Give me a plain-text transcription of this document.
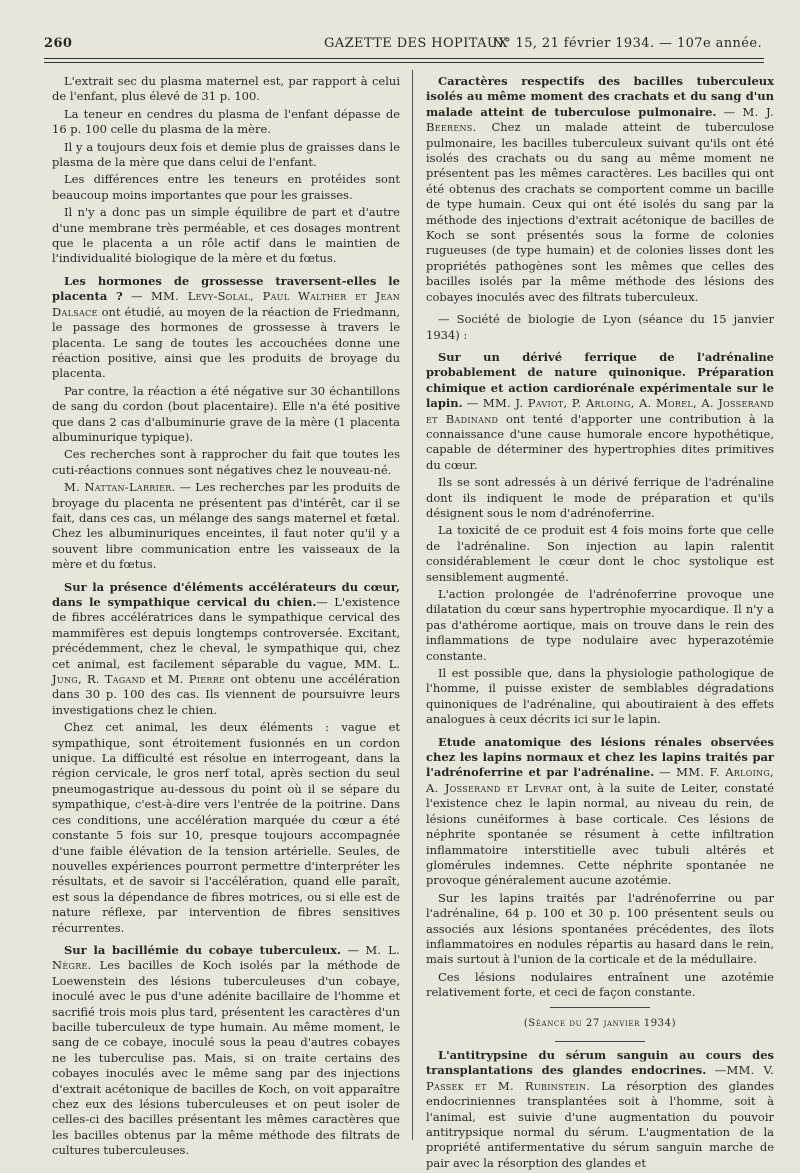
260	GAZETTE DES HOPITAUX
N° 15, 21 février 1934. — 107e année.

L'extrait sec du plasma maternel est, par rapport à celui de l'enfant, plus élevé de 31 p. 100.

La teneur en cendres du plasma de l'enfant dépasse de 16 p. 100 celle du plasma de la mère.

Il y a toujours deux fois et demie plus de graisses dans le plasma de la mère que dans celui de l'enfant.

Les différences entre les teneurs en protéides sont beaucoup moins importantes que pour les graisses.

Il n'y a donc pas un simple équilibre de part et d'autre d'une membrane très perméable, et ces dosages montrent que le placenta a un rôle actif dans le maintien de l'individualité biologique de la mère et du fœtus.

Les hormones de grossesse traversent-elles le placenta ? — MM. Levy-Solal, Paul Walther et Jean Dalsace ont étudié, au moyen de la réaction de Friedmann, le passage des hormones de grossesse à travers le placenta. Le sang de toutes les accouchées donne une réaction positive, ainsi que les produits de broyage du placenta.

Par contre, la réaction a été négative sur 30 échantillons de sang du cordon (bout placentaire). Elle n'a été positive que dans 2 cas d'albuminurie grave de la mère (1 placenta albuminurique typique).

Ces recherches sont à rapprocher du fait que toutes les cuti-réactions connues sont négatives chez le nouveau-né.

M. Nattan-Larrier. — Les recherches par les produits de broyage du placenta ne présentent pas d'intérêt, car il se fait, dans ces cas, un mélange des sangs maternel et fœtal. Chez les albuminuriques enceintes, il faut noter qu'il y a souvent libre communication entre les vaisseaux de la mère et du fœtus.

Sur la présence d'éléments accélérateurs du cœur, dans le sympathique cervical du chien.— L'existence de fibres accélératrices dans le sympathique cervical des mammifères est depuis longtemps controversée. Excitant, précédemment, chez le cheval, le sympathique qui, chez cet animal, est facilement séparable du vague, MM. L. Jung, R. Tagand et M. Pierre ont obtenu une accélération dans 30 p. 100 des cas. Ils viennent de poursuivre leurs investigations chez le chien.

Chez cet animal, les deux éléments : vague et sympathique, sont étroitement fusionnés en un cordon unique. La difficulté est résolue en interrogeant, dans la région cervicale, le gros nerf total, après section du seul pneumogastrique au-dessous du point où il se sépare du sympathique, c'est-à-dire vers l'entrée de la poitrine. Dans ces conditions, une accélération marquée du cœur a été constante 5 fois sur 10, presque toujours accompagnée d'une faible élévation de la tension artérielle. Seules, de nouvelles expériences pourront permettre d'interpréter les résultats, et de savoir si l'accélération, quand elle paraît, est sous la dépendance de fibres motrices, ou si elle est de nature réflexe, par intervention de fibres sensitives récurrentes.

Sur la bacillémie du cobaye tuberculeux. — M. L. Nègre. Les bacilles de Koch isolés par la méthode de Loewenstein des lésions tuberculeuses d'un cobaye, inoculé avec le pus d'une adénite bacillaire de l'homme et sacrifié trois mois plus tard, présentent les caractères d'un bacille tuberculeux de type humain. Au même moment, le sang de ce cobaye, inoculé sous la peau d'autres cobayes ne les tuberculise pas. Mais, si on traite certains des cobayes inoculés avec le même sang par des injections d'extrait acétonique de bacilles de Koch, on voit apparaître chez eux des lésions tuberculeuses et on peut isoler de celles-ci des bacilles présentant les mêmes caractères que les bacilles obtenus par la même méthode des filtrats de cultures tuberculeuses.

Caractères respectifs des bacilles tuberculeux isolés au même moment des crachats et du sang d'un malade atteint de tuberculose pulmonaire. — M. J. Beerens. Chez un malade atteint de tuberculose pulmonaire, les bacilles tuberculeux suivant qu'ils ont été isolés des crachats ou du sang au même moment ne présentent pas les mêmes caractères. Les bacilles qui ont été obtenus des crachats se comportent comme un bacille de type humain. Ceux qui ont été isolés du sang par la méthode des injections d'extrait acétonique de bacilles de Koch se sont présentés sous la forme de colonies rugueuses (de type humain) et de colonies lisses dont les propriétés pathogènes sont les mêmes que celles des bacilles isolés par la même méthode des lésions des cobayes inoculés avec des filtrats tuberculeux.

— Société de biologie de Lyon (séance du 15 janvier 1934) :

Sur un dérivé ferrique de l'adrénaline probablement de nature quinonique. Préparation chimique et action cardiorénale expérimentale sur le lapin. — MM. J. Paviot, P. Arloing, A. Morel, A. Josserand et Badinand ont tenté d'apporter une contribution à la connaissance d'une cause humorale encore hypothétique, capable de déterminer des hypertrophies dites primitives du cœur.

Ils se sont adressés à un dérivé ferrique de l'adrénaline dont ils indiquent le mode de préparation et qu'ils désignent sous le nom d'adrénoferrine.

La toxicité de ce produit est 4 fois moins forte que celle de l'adrénaline. Son injection au lapin ralentit considérablement le cœur dont le choc systolique est sensiblement augmenté.

L'action prolongée de l'adrénoferrine provoque une dilatation du cœur sans hypertrophie myocardique. Il n'y a pas d'athérome aortique, mais on trouve dans le rein des inflammations de type nodulaire avec hyperazotémie constante.

Il est possible que, dans la physiologie pathologique de l'homme, il puisse exister de semblables dégradations quinoniques de l'adrénaline, qui aboutiraient à des effets analogues à ceux décrits ici sur le lapin.

Etude anatomique des lésions rénales observées chez les lapins normaux et chez les lapins traités par l'adrénoferrine et par l'adrénaline. — MM. F. Arloing, A. Josserand et Levrat ont, à la suite de Leiter, constaté l'existence chez le lapin normal, au niveau du rein, de lésions cunéiformes à base corticale. Ces lésions de néphrite spontanée se résument à cette infiltration inflammatoire interstitielle avec tubuli altérés et glomérules indemnes. Cette néphrite spontanée ne provoque généralement aucune azotémie.

Sur les lapins traités par l'adrénoferrine ou par l'adrénaline, 64 p. 100 et 30 p. 100 présentent seuls ou associés aux lésions spontanées précédentes, des îlots inflammatoires en nodules répartis au hasard dans le rein, mais surtout à l'union de la corticale et de la médullaire.

Ces lésions nodulaires entraînent une azotémie relativement forte, et ceci de façon constante.

(Séance du 27 janvier 1934)

L'antitrypsine du sérum sanguin au cours des transplantations des glandes endocrines. —MM. V. Passek et M. Rubinstein. La résorption des glandes endocriniennes transplantées soit à l'homme, soit à l'animal, est suivie d'une augmentation du pouvoir antitrypsique normal du sérum. L'augmentation de la propriété antifermentative du sérum sanguin marche de pair avec la résorption des glandes et
